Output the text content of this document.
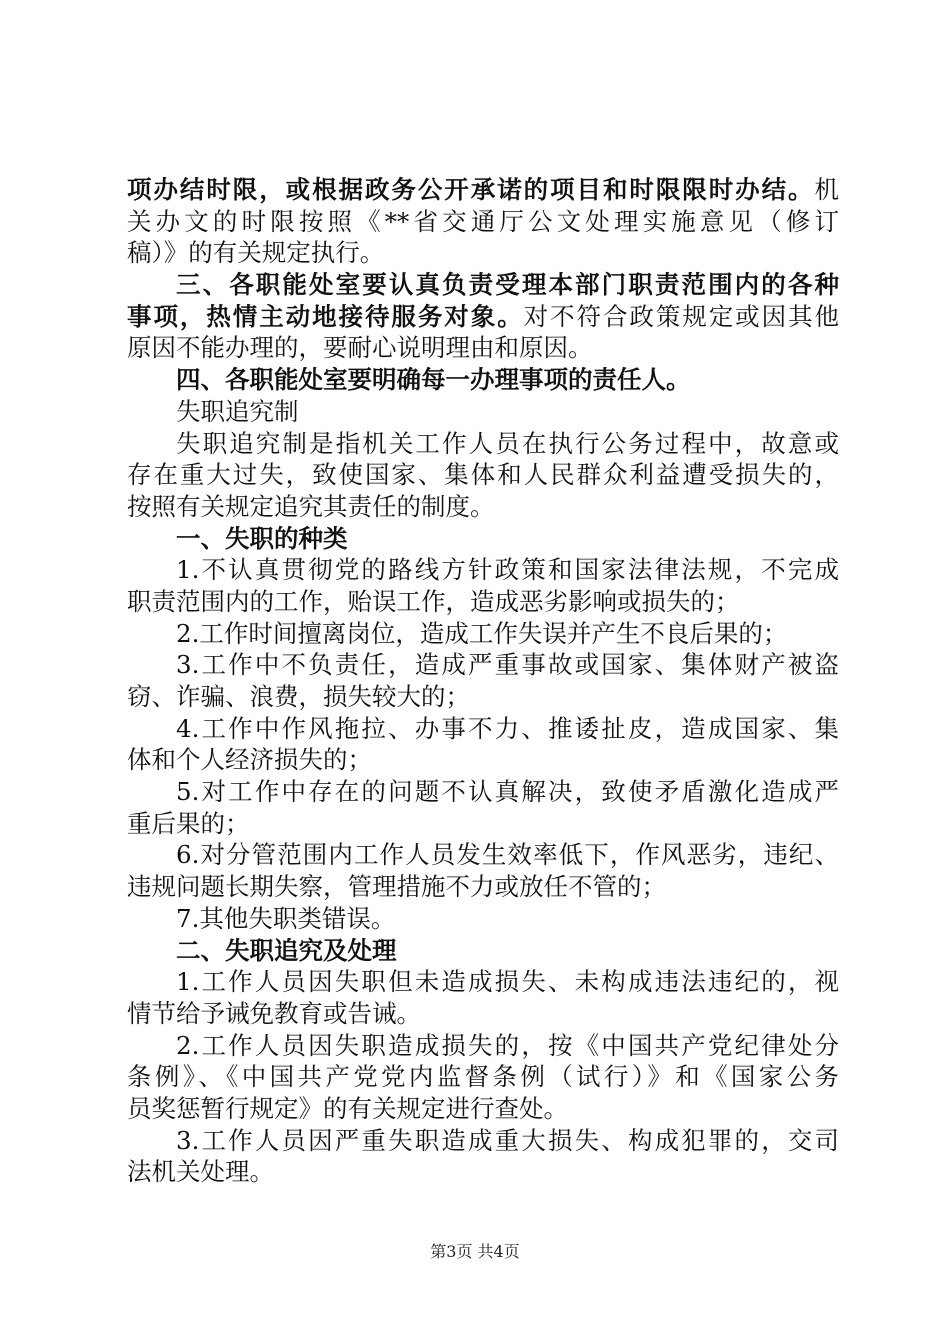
项办结时限，或根据政务公开承诺的项目和时限限时办结。机
关办文的时限按照《**省交通厅公文处理实施意见（修订
稿）》的有关规定执行。
三、各职能处室要认真负责受理本部门职责范围内的各种
事项，热情主动地接待服务对象。对不符合政策规定或因其他
原因不能办理的，要耐心说明理由和原因。
四、各职能处室要明确每一办理事项的责任人。
失职追究制
失职追究制是指机关工作人员在执行公务过程中，故意或
存在重大过失，致使国家、集体和人民群众利益遭受损失的，
按照有关规定追究其责任的制度。
一、失职的种类
1.不认真贯彻党的路线方针政策和国家法律法规，不完成
职责范围内的工作，贻误工作，造成恶劣影响或损失的；
2.工作时间擅离岗位，造成工作失误并产生不良后果的；
3.工作中不负责任，造成严重事故或国家、集体财产被盗
窃、诈骗、浪费，损失较大的；
4.工作中作风拖拉、办事不力、推诿扯皮，造成国家、集
体和个人经济损失的；
5.对工作中存在的问题不认真解决，致使矛盾激化造成严
重后果的；
6.对分管范围内工作人员发生效率低下，作风恶劣，违纪、
违规问题长期失察，管理措施不力或放任不管的；
7.其他失职类错误。
二、失职追究及处理
1.工作人员因失职但未造成损失、未构成违法违纪的，视
情节给予诫免教育或告诫。
2.工作人员因失职造成损失的，按《中国共产党纪律处分
条例》、《中国共产党党内监督条例（试行）》和《国家公务
员奖惩暂行规定》的有关规定进行查处。
3.工作人员因严重失职造成重大损失、构成犯罪的，交司
法机关处理。
第3页 共4页
